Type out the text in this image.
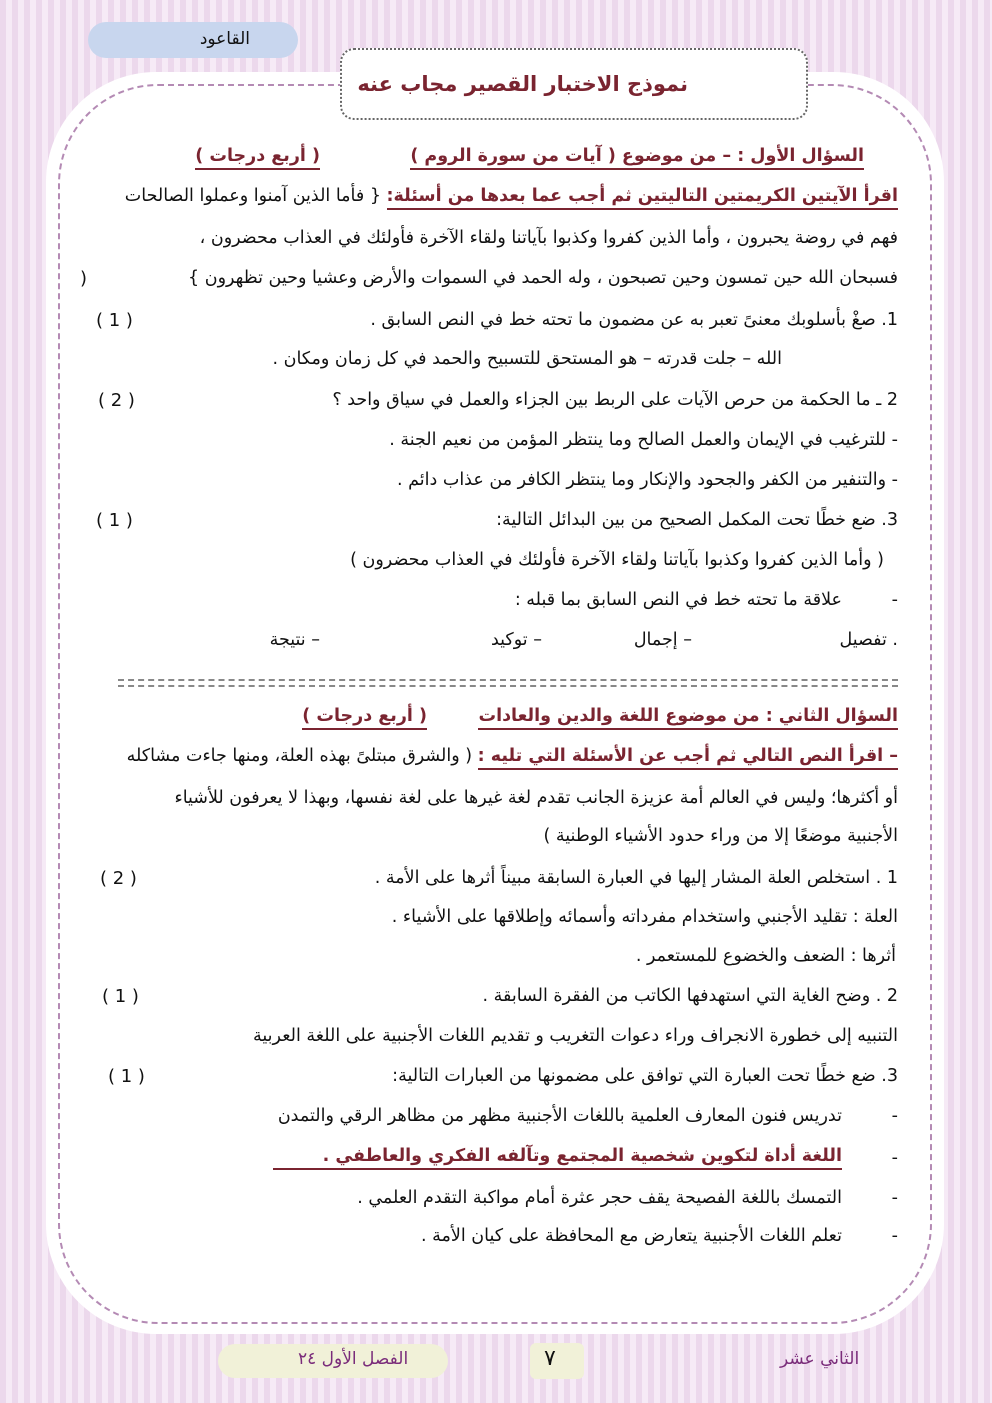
القاعود
نموذج الاختبار القصير مجاب عنه
السؤال الأول : – من موضوع ( آيات من سورة الروم )
( أربع درجات )
اقرأ الآيتين الكريمتين التاليتين ثم أجب عما بعدها من أسئلة: { فأما الذين آمنوا وعملوا الصالحات
فهم في روضة يحبرون ، وأما الذين كفروا وكذبوا بآياتنا ولقاء الآخرة فأولئك في العذاب محضرون ،
فسبحان الله حين تمسون وحين تصبحون ، وله الحمد في السموات والأرض وعشيا وحين تظهرون }
)
1. صغْ بأسلوبك معنىً تعبر به عن مضمون ما تحته خط في النص السابق .
( 1 )
الله – جلت قدرته – هو المستحق للتسبيح والحمد في كل زمان ومكان .
2 ـ ما الحكمة من حرص الآيات على الربط بين الجزاء والعمل في سياق واحد ؟
( 2 )
- للترغيب في الإيمان والعمل الصالح وما ينتظر المؤمن من نعيم الجنة .
- والتنفير من الكفر والجحود والإنكار وما ينتظر الكافر من عذاب دائم .
3. ضع خطًا تحت المكمل الصحيح من بين البدائل التالية:
( 1 )
( وأما الذين كفروا وكذبوا بآياتنا ولقاء الآخرة فأولئك في العذاب محضرون )
-
علاقة ما تحته خط في النص السابق بما قبله :
. تفصيل
– إجمال
– توكيد
– نتيجة
السؤال الثاني : من موضوع اللغة والدين والعادات
( أربع درجات )
– اقرأ النص التالي ثم أجب عن الأسئلة التي تليه : ( والشرق مبتلىً بهذه العلة، ومنها جاءت مشاكله
أو أكثرها؛ وليس في العالم أمة عزيزة الجانب تقدم لغة غيرها على لغة نفسها، وبهذا لا يعرفون للأشياء
الأجنبية موضعًا إلا من وراء حدود الأشياء الوطنية )
1 . استخلص العلة المشار إليها في العبارة السابقة مبيناً أثرها على الأمة .
( 2 )
العلة : تقليد الأجنبي واستخدام مفرداته وأسمائه وإطلاقها على الأشياء .
أثرها : الضعف والخضوع للمستعمر .
2 . وضح الغاية التي استهدفها الكاتب من الفقرة السابقة .
( 1 )
التنبيه إلى خطورة الانجراف وراء دعوات التغريب و تقديم اللغات الأجنبية على اللغة العربية
3. ضع خطًا تحت العبارة التي توافق على مضمونها من العبارات التالية:
( 1 )
-
تدريس فنون المعارف العلمية باللغات الأجنبية مظهر من مظاهر الرقي والتمدن
-
اللغة أداة لتكوين شخصية المجتمع وتآلفه الفكري والعاطفي .
-
التمسك باللغة الفصيحة يقف حجر عثرة أمام مواكبة التقدم العلمي .
-
تعلم اللغات الأجنبية يتعارض مع المحافظة على كيان الأمة .
الفصل الأول ٢٤	٧	الثاني عشر
